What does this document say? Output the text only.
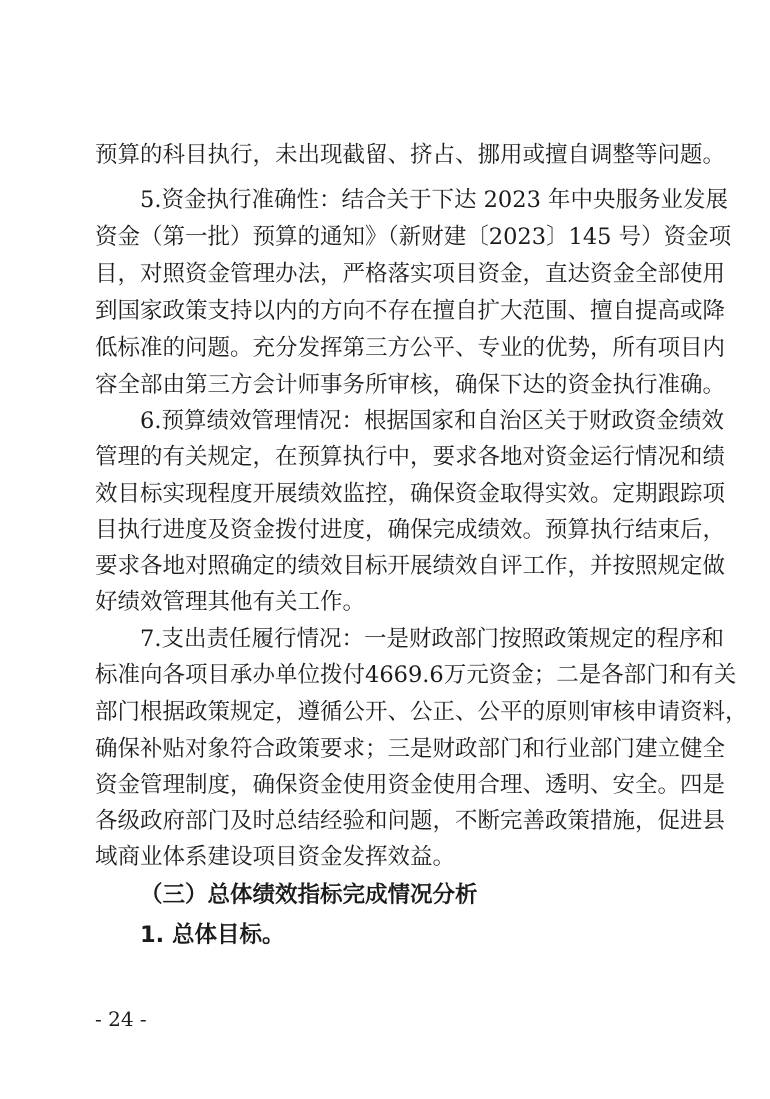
预算的科目执行，未出现截留、挤占、挪用或擅自调整等问题。
5.资金执行准确性：结合关于下达 2023 年中央服务业发展
资金（第一批）预算的通知》（新财建〔2023〕145 号）资金项
目，对照资金管理办法，严格落实项目资金，直达资金全部使用
到国家政策支持以内的方向不存在擅自扩大范围、擅自提高或降
低标准的问题。充分发挥第三方公平、专业的优势，所有项目内
容全部由第三方会计师事务所审核，确保下达的资金执行准确。
6.预算绩效管理情况：根据国家和自治区关于财政资金绩效
管理的有关规定，在预算执行中，要求各地对资金运行情况和绩
效目标实现程度开展绩效监控，确保资金取得实效。定期跟踪项
目执行进度及资金拨付进度，确保完成绩效。预算执行结束后，
要求各地对照确定的绩效目标开展绩效自评工作，并按照规定做
好绩效管理其他有关工作。
7.支出责任履行情况：一是财政部门按照政策规定的程序和
标准向各项目承办单位拨付4669.6万元资金；二是各部门和有关
部门根据政策规定，遵循公开、公正、公平的原则审核申请资料，
确保补贴对象符合政策要求；三是财政部门和行业部门建立健全
资金管理制度，确保资金使用资金使用合理、透明、安全。四是
各级政府部门及时总结经验和问题，不断完善政策措施，促进县
域商业体系建设项目资金发挥效益。
（三）总体绩效指标完成情况分析
1. 总体目标。
- 24 -
